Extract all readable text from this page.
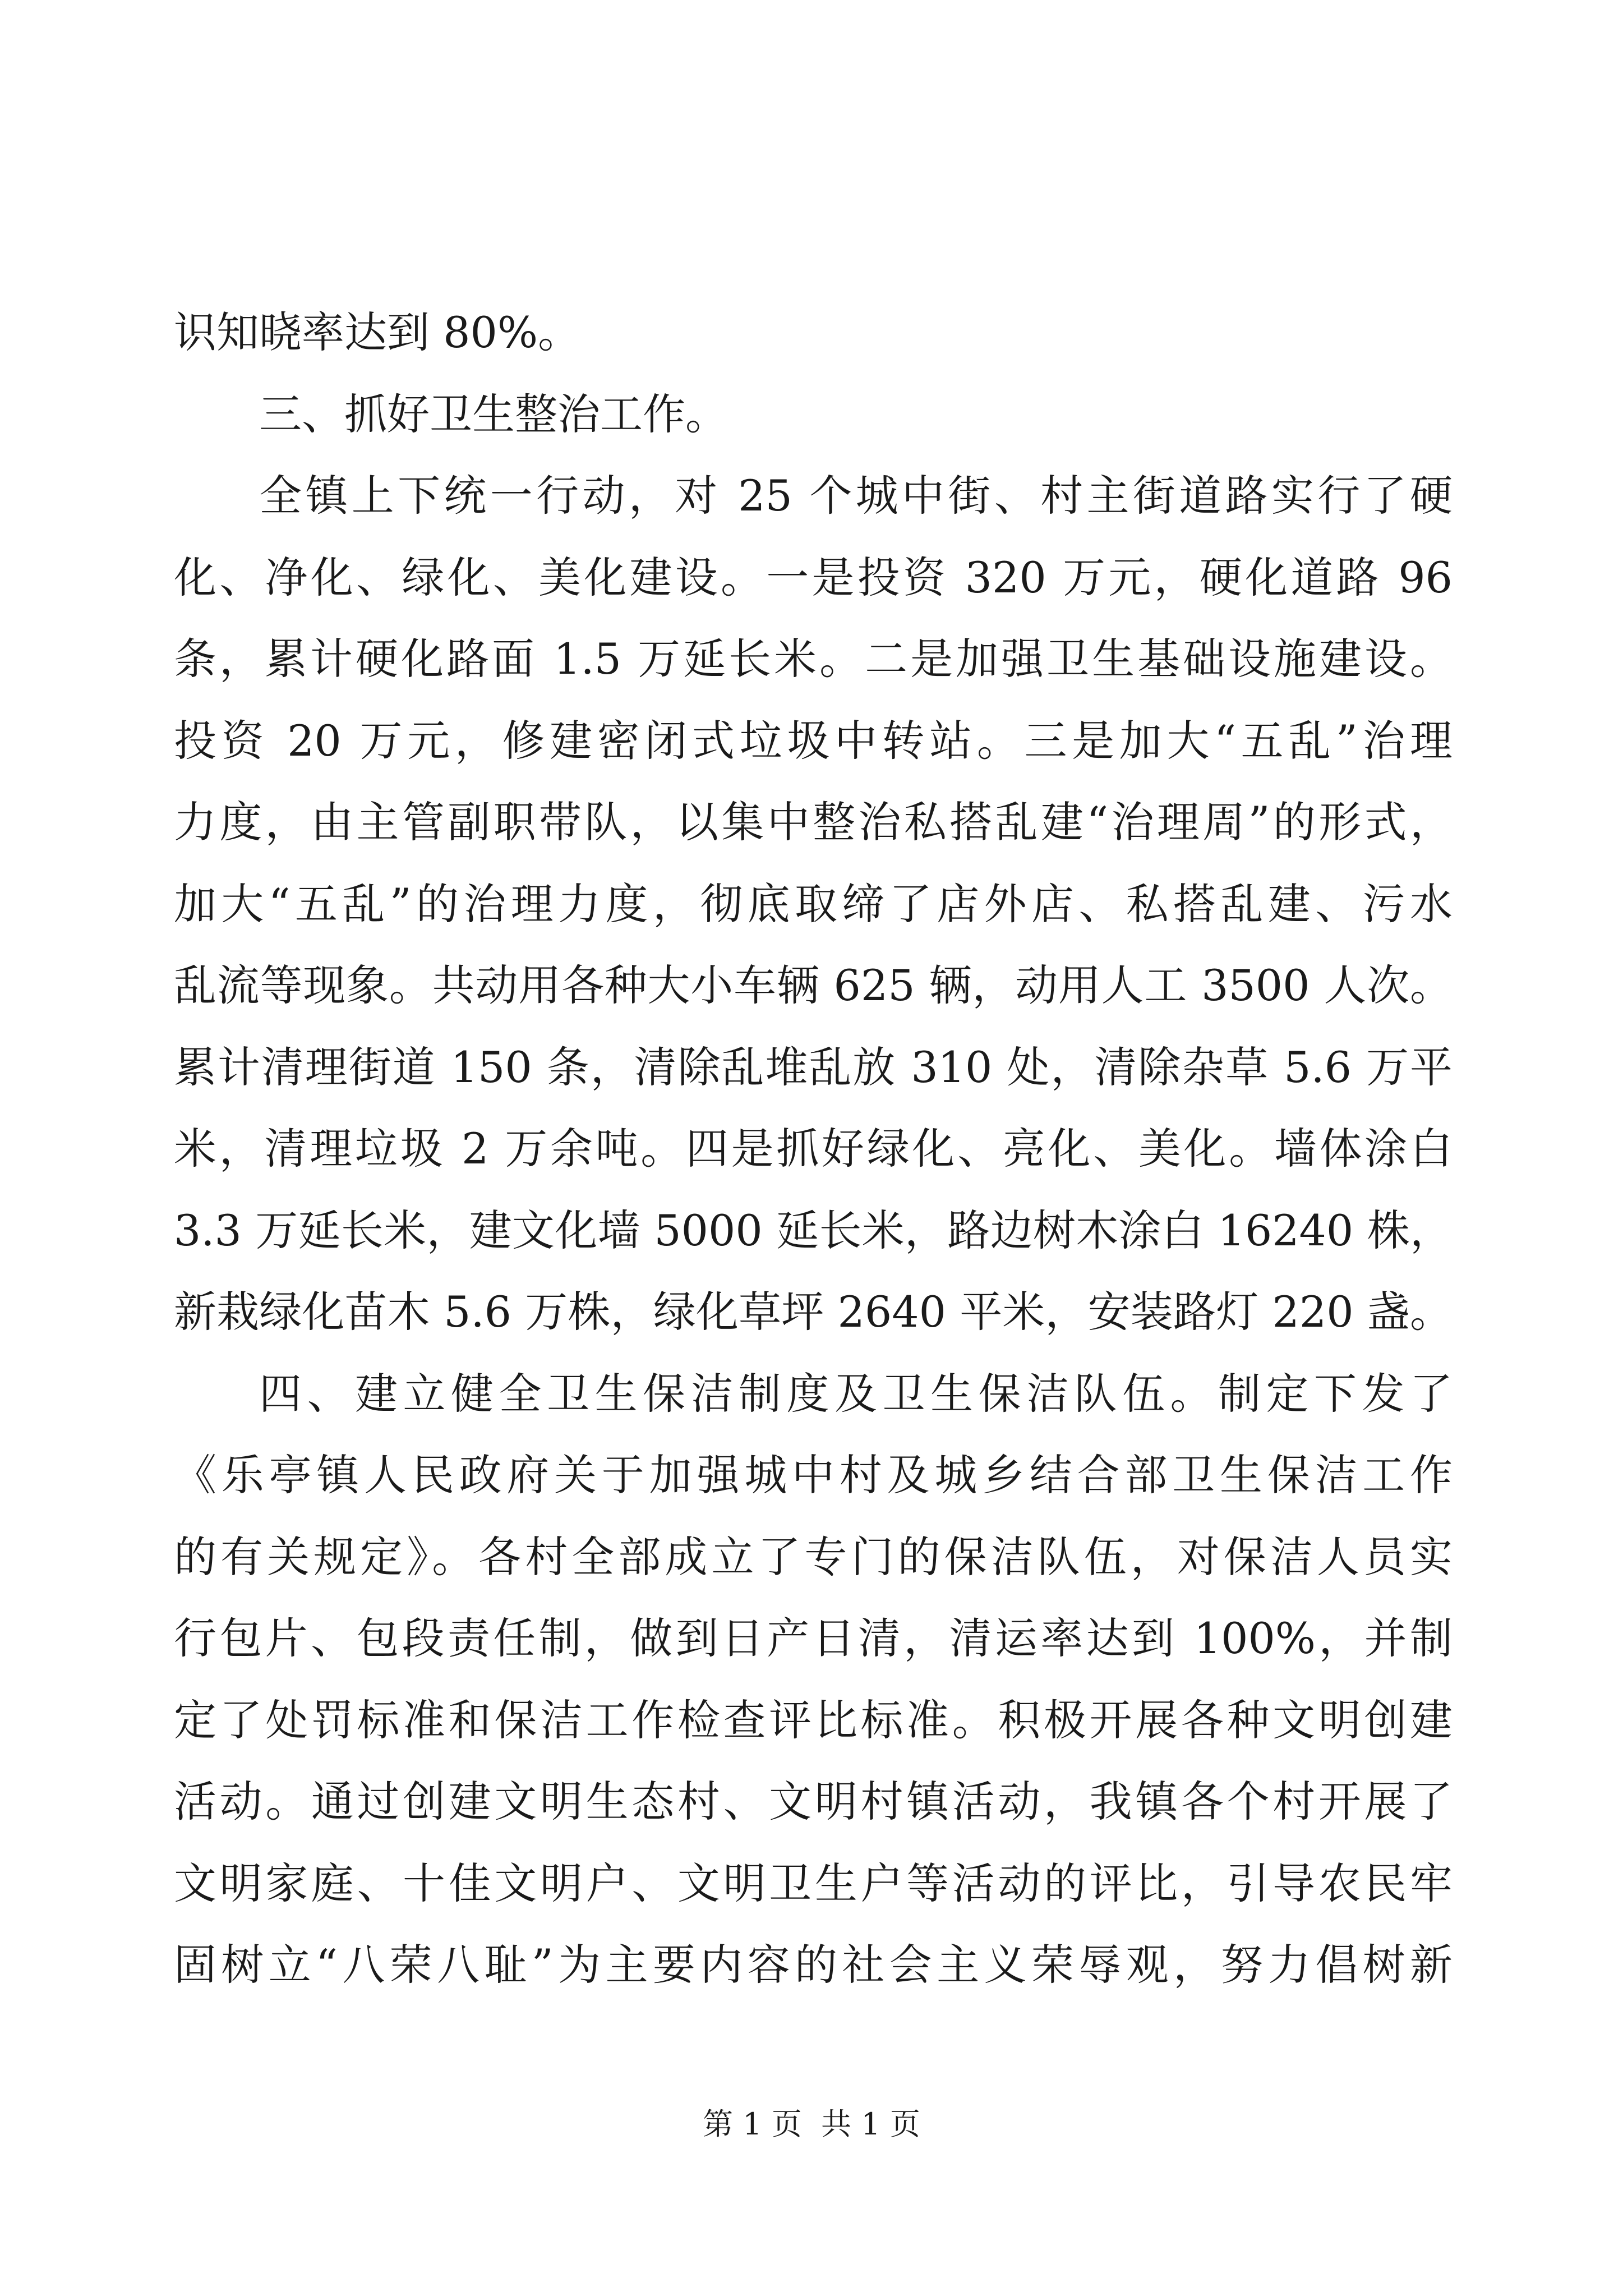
识知晓率达到 80%。
三、抓好卫生整治工作。
全镇上下统一行动，对 25 个城中街、村主街道路实行了硬
化、净化、绿化、美化建设。一是投资 320 万元，硬化道路 96
条，累计硬化路面 1.5 万延长米。二是加强卫生基础设施建设。
投资 20 万元，修建密闭式垃圾中转站。三是加大“五乱”治理
力度，由主管副职带队，以集中整治私搭乱建“治理周”的形式，
加大“五乱”的治理力度，彻底取缔了店外店、私搭乱建、污水
乱流等现象。共动用各种大小车辆 625 辆，动用人工 3500 人次。
累计清理街道 150 条，清除乱堆乱放 310 处，清除杂草 5.6 万平
米，清理垃圾 2 万余吨。四是抓好绿化、亮化、美化。墙体涂白
3.3 万延长米，建文化墙 5000 延长米，路边树木涂白 16240 株，
新栽绿化苗木 5.6 万株，绿化草坪 2640 平米，安装路灯 220 盏。
四、建立健全卫生保洁制度及卫生保洁队伍。制定下发了
《乐亭镇人民政府关于加强城中村及城乡结合部卫生保洁工作
的有关规定》。各村全部成立了专门的保洁队伍，对保洁人员实
行包片、包段责任制，做到日产日清，清运率达到 100%，并制
定了处罚标准和保洁工作检查评比标准。积极开展各种文明创建
活动。通过创建文明生态村、文明村镇活动，我镇各个村开展了
文明家庭、十佳文明户、文明卫生户等活动的评比，引导农民牢
固树立“八荣八耻”为主要内容的社会主义荣辱观，努力倡树新
第 1 页  共 1 页
